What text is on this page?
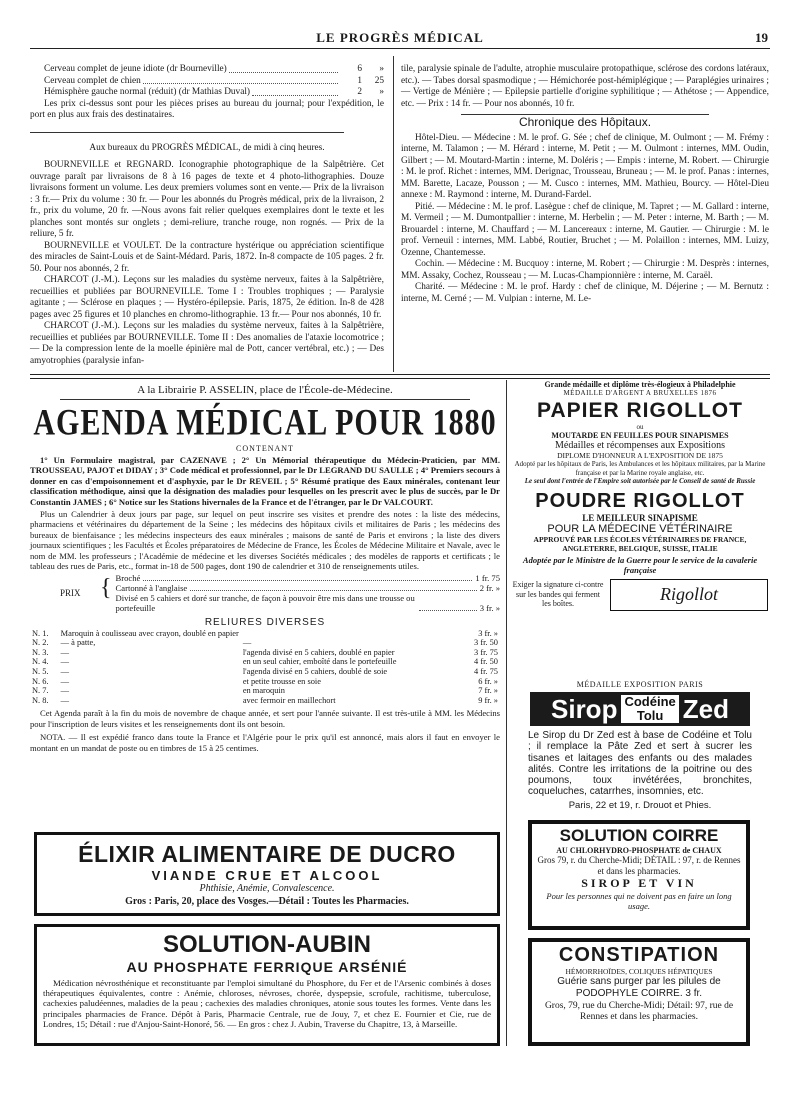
LE PROGRÈS MÉDICAL	19
Cerveau complet de jeune idiote (dr Bourneville)	6	»
Cerveau complet de chien	1	25
Hémisphère gauche normal (réduit) (dr Mathias Duval)	2	»

Les prix ci-dessus sont pour les pièces prises au bureau du journal; pour l'expédition, le port en plus aux frais des destinataires.

Aux bureaux du PROGRÈS MÉDICAL, de midi à cinq heures.

BOURNEVILLE et REGNARD. Iconographie photographique de la Salpêtrière. Cet ouvrage paraît par livraisons de 8 à 16 pages de texte et 4 photo-lithographies. Douze livraisons forment un volume. Les deux premiers volumes sont en vente.— Prix de la livraison : 3 fr.— Prix du volume : 30 fr. — Pour les abonnés du Progrès médical, prix de la livraison, 2 fr., prix du volume, 20 fr. —Nous avons fait relier quelques exemplaires dont le texte et les planches sont montés sur onglets ; demi-reliure, tranche rouge, non rognés. — Prix de la reliure, 5 fr.

BOURNEVILLE et VOULET. De la contracture hystérique ou appréciation scientifique des miracles de Saint-Louis et de Saint-Médard. Paris, 1872. In-8 compacte de 105 pages. 2 fr. 50. Pour nos abonnés, 2 fr.

CHARCOT (J.-M.). Leçons sur les maladies du système nerveux, faites à la Salpêtrière, recueillies et publiées par BOURNEVILLE. Tome I : Troubles trophiques ; — Paralysie agitante ; — Sclérose en plaques ; — Hystéro-épilepsie. Paris, 1875, 2e édition. In-8 de 428 pages avec 25 figures et 10 planches en chromo-lithographie. 13 fr.— Pour nos abonnés, 10 fr.

CHARCOT (J.-M.). Leçons sur les maladies du système nerveux, faites à la Salpêtrière, recueillies et publiées par BOURNEVILLE. Tome II : Des anomalies de l'ataxie locomotrice ; — De la compression lente de la moelle épinière mal de Pott, cancer vertébral, etc.) ; — Des amyotrophies (paralysie infan-

tile, paralysie spinale de l'adulte, atrophie musculaire protopathique, sclérose des cordons latéraux, etc.). — Tabes dorsal spasmodique ; — Hémichorée post-hémiplégique ; — Paraplégies urinaires ; — Vertige de Ménière ; — Epilepsie partielle d'origine syphilitique ; — Athétose ; — Appendice, etc. — Prix : 14 fr. — Pour nos abonnés, 10 fr.

Chronique des Hôpitaux.

Hôtel-Dieu. — Médecine : M. le prof. G. Sée ; chef de clinique, M. Oulmont ; — M. Frémy : interne, M. Talamon ; — M. Hérard : interne, M. Petit ; — M. Oulmont : internes, MM. Oudin, Gilbert ; — M. Moutard-Martin : interne, M. Doléris ; — Empis : interne, M. Robert. — Chirurgie : M. le prof. Richet : internes, MM. Derignac, Trousseau, Bruneau ; — M. le prof. Panas : internes, MM. Barette, Lacaze, Pousson ; — M. Cusco : internes, MM. Mathieu, Bourcy. — Hôtel-Dieu annexe : M. Raymond : interne, M. Durand-Fardel.

Pitié. — Médecine : M. le prof. Lasègue : chef de clinique, M. Tapret ; — M. Gallard : interne, M. Vermeil ; — M. Dumontpallier : interne, M. Herbelin ; — M. Peter : interne, M. Barth ; — M. Brouardel : interne, M. Chauffard ; — M. Lancereaux : interne, M. Gautier. — Chirurgie : M. le prof. Verneuil : internes, MM. Labbé, Routier, Bruchet ; — M. Polaillon : internes, MM. Luizy, Ozenne, Chantemesse.

Cochin. — Médecine : M. Bucquoy : interne, M. Robert ; — Chirurgie : M. Desprès : internes, MM. Assaky, Cochez, Rousseau ; — M. Lucas-Championnière : interne, M. Caraël.

Charité. — Médecine : M. le prof. Hardy : chef de clinique, M. Déjerine ; — M. Bernutz : interne, M. Cerné ; — M. Vulpian : interne, M. Le-

A la Librairie P. ASSELIN, place de l'École-de-Médecine.
AGENDA MÉDICAL POUR 1880
CONTENANT

1° Un Formulaire magistral, par CAZENAVE ; 2° Un Mémorial thérapeutique du Médecin-Praticien, par MM. TROUSSEAU, PAJOT et DIDAY ; 3° Code médical et professionnel, par le Dr LEGRAND DU SAULLE ; 4° Premiers secours à donner en cas d'empoisonnement et d'asphyxie, par le Dr REVEIL ; 5° Résumé pratique des Eaux minérales, contenant leur classification méthodique, ainsi que la désignation des maladies pour lesquelles on les prescrit avec le plus de succès, par le Dr Constantin JAMES ; 6° Notice sur les Stations hivernales de la France et de l'étranger, par le Dr VALCOURT.

Plus un Calendrier à deux jours par page, sur lequel on peut inscrire ses visites et prendre des notes : la liste des médecins, pharmaciens et vétérinaires du département de la Seine ; les médecins des hôpitaux civils et militaires de Paris ; les médecins des bureaux de bienfaisance ; les médecins inspecteurs des eaux minérales ; maisons de santé de Paris et environs ; la liste des divers journaux scientifiques ; les Facultés et Écoles préparatoires de Médecine de France, les Écoles de Médecine Militaire et Navale, avec le nom de MM. les professeurs ; l'Académie de médecine et les diverses Sociétés médicales ; des modèles de rapports et certificats ; le tableau des rues de Paris, etc., format in-18 de 500 pages, dont 190 de calendrier et 310 de renseignements utiles.

PRIX { Broché	1 fr. 75
Cartonné à l'anglaise	2 fr. »
Divisé en 5 cahiers et doré sur tranche, de façon à pouvoir être mis dans une trousse ou portefeuille	3 fr. »
RELIURES DIVERSES
N. 1.	Maroquin à coulisseau avec crayon, doublé en papier		3 fr. »
N. 2.	— à patte,	—	3 fr. 50
N. 3.	—	l'agenda divisé en 5 cahiers, doublé en papier	3 fr. 75
N. 4.	—	en un seul cahier, emboîté dans le portefeuille	4 fr. 50
N. 5.	—	l'agenda divisé en 5 cahiers, doublé de soie	4 fr. 75
N. 6.	—	et petite trousse en soie	6 fr. »
N. 7.	—	en maroquin	7 fr. »
N. 8.	—	avec fermoir en maillechort	9 fr. »

Cet Agenda paraît à la fin du mois de novembre de chaque année, et sert pour l'année suivante. Il est très-utile à MM. les Médecins pour l'inscription de leurs visites et les renseignements dont ils ont besoin.

NOTA. — Il est expédié franco dans toute la France et l'Algérie pour le prix qu'il est annoncé, mais alors il faut en envoyer le montant en un mandat de poste ou en timbres de 15 à 25 centimes.

ÉLIXIR ALIMENTAIRE DE DUCRO
VIANDE CRUE ET ALCOOL
Phthisie, Anémie, Convalescence.
Gros : Paris, 20, place des Vosges.—Détail : Toutes les Pharmacies.
SOLUTION-AUBIN
AU PHOSPHATE FERRIQUE ARSÉNIÉ

Médication névrosthénique et reconstituante par l'emploi simultané du Phosphore, du Fer et de l'Arsenic combinés à doses thérapeutiques équivalentes, contre : Anémie, chloroses, névroses, chorée, dyspepsie, scrofule, rachitisme, tuberculose, cachexies paludéennes, maladies de la peau ; cachexies des maladies chroniques, atonie sous toutes les formes. Vente dans les principales pharmacies de France. Dépôt à Paris, Pharmacie Centrale, rue de Jouy, 7, et chez E. Fournier et Cie, rue de Londres, 15; Détail : rue d'Anjou-Saint-Honoré, 56. — En gros : chez J. Aubin, Traverse du Chapitre, 13, à Marseille.

Grande médaille et diplôme très-élogieux à Philadelphie
MÉDAILLE D'ARGENT A BRUXELLES 1876
PAPIER RIGOLLOT
ou
MOUTARDE EN FEUILLES POUR SINAPISMES
Médailles et récompenses aux Expositions
DIPLOME D'HONNEUR A L'EXPOSITION DE 1875
Adopté par les hôpitaux de Paris, les Ambulances et les hôpitaux militaires, par la Marine française et par la Marine royale anglaise, etc.
Le seul dont l'entrée de l'Empire soit autorisée par le Conseil de santé de Russie
POUDRE RIGOLLOT
LE MEILLEUR SINAPISME
POUR LA MÉDECINE VÉTÉRINAIRE
APPROUVÉ PAR LES ÉCOLES VÉTÉRINAIRES DE FRANCE, ANGLETERRE, BELGIQUE, SUISSE, ITALIE
Adoptée par le Ministre de la Guerre pour le service de la cavalerie française
Exiger la signature ci-contre sur les bandes qui ferment les boîtes.	Rigollot
MÉDAILLE EXPOSITION PARIS
Sirop Codéine
Tolu Zed

Le Sirop du Dr Zed est à base de Codéine et Tolu ; il remplace la Pâte Zed et sert à sucrer les tisanes et laitages des enfants ou des malades alités. Contre les irritations de la poitrine ou des poumons, toux invétérées, bronchites, coqueluches, catarrhes, insomnies, etc.

Paris, 22 et 19, r. Drouot et Phies.
SOLUTION COIRRE
AU CHLORHYDRO-PHOSPHATE de CHAUX
Gros 79, r. du Cherche-Midi; DÉTAIL : 97, r. de Rennes et dans les pharmacies.
SIROP ET VIN
Pour les personnes qui ne doivent pas en faire un long usage.
CONSTIPATION
HÉMORRHOÏDES, COLIQUES HÉPATIQUES
Guérie sans purger par les pilules de PODOPHYLE COIRRE. 3 fr.
Gros, 79, rue du Cherche-Midi; Détail: 97, rue de Rennes et dans les pharmacies.
